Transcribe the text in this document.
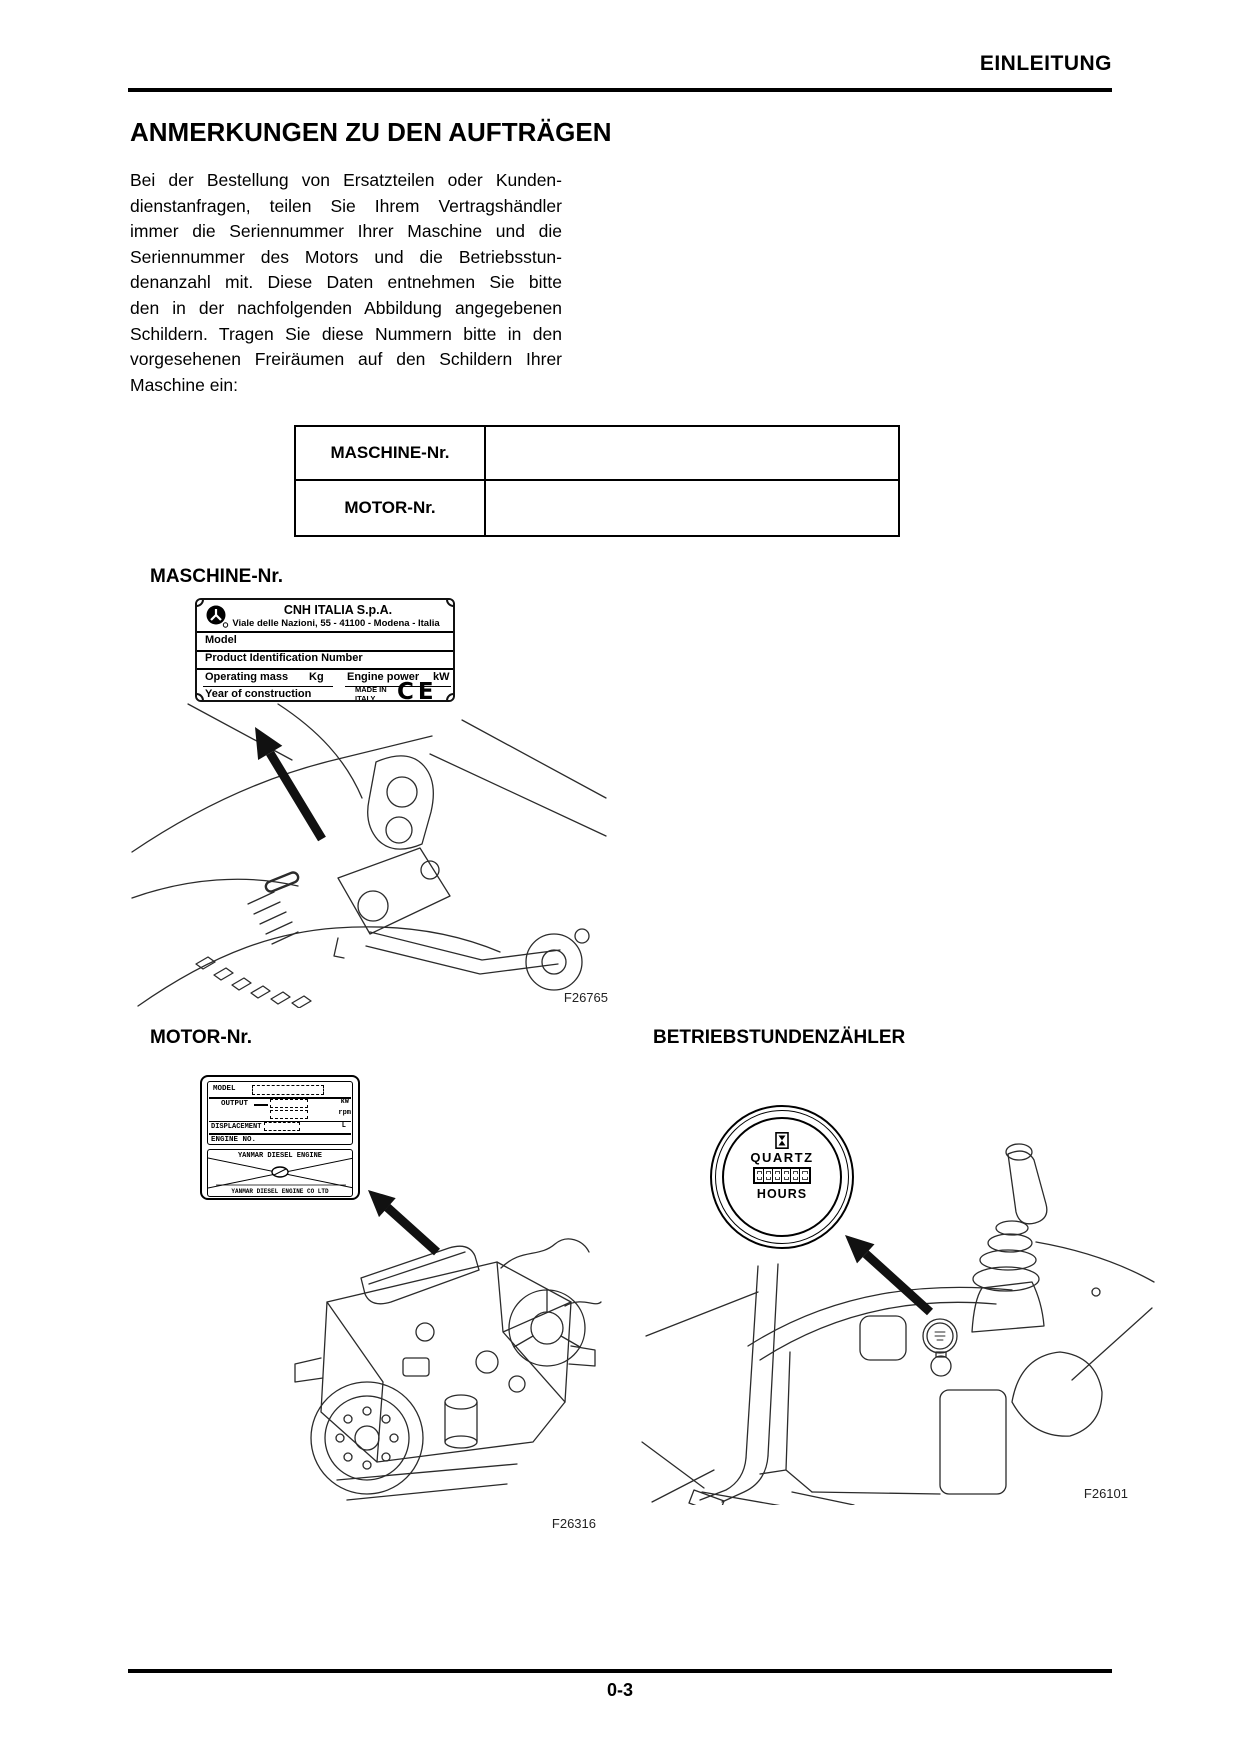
EINLEITUNG
ANMERKUNGEN ZU DEN AUFTRÄGEN
Bei der Bestellung von Ersatzteilen oder Kunden-
dienstanfragen, teilen Sie Ihrem Vertragshändler
immer die Seriennummer Ihrer Maschine und die
Seriennummer des Motors und die Betriebsstun-
denanzahl mit. Diese Daten entnehmen Sie bitte
den in der nachfolgenden Abbildung angegebenen
Schildern. Tragen Sie diese Nummern bitte in den
vorgesehenen Freiräumen auf den Schildern Ihrer
Maschine ein:
MASCHINE-Nr.
MOTOR-Nr.
MASCHINE-Nr.
CNH ITALIA S.p.A.
Viale delle Nazioni, 55 - 41100 - Modena - Italia
Model
Product Identification Number
Operating mass Kg Engine power kW
Year of construction	MADE IN
ITALY CE
F26765
MOTOR-Nr.	BETRIEBSTUNDENZÄHLER
MODEL
OUTPUT	kW
rpm
DISPLACEMENT	L
ENGINE NO.
YANMAR DIESEL ENGINE
YANMAR DIESEL ENGINE CO LTD
F26316
QUARTZ
HOURS
F26101
0-3
